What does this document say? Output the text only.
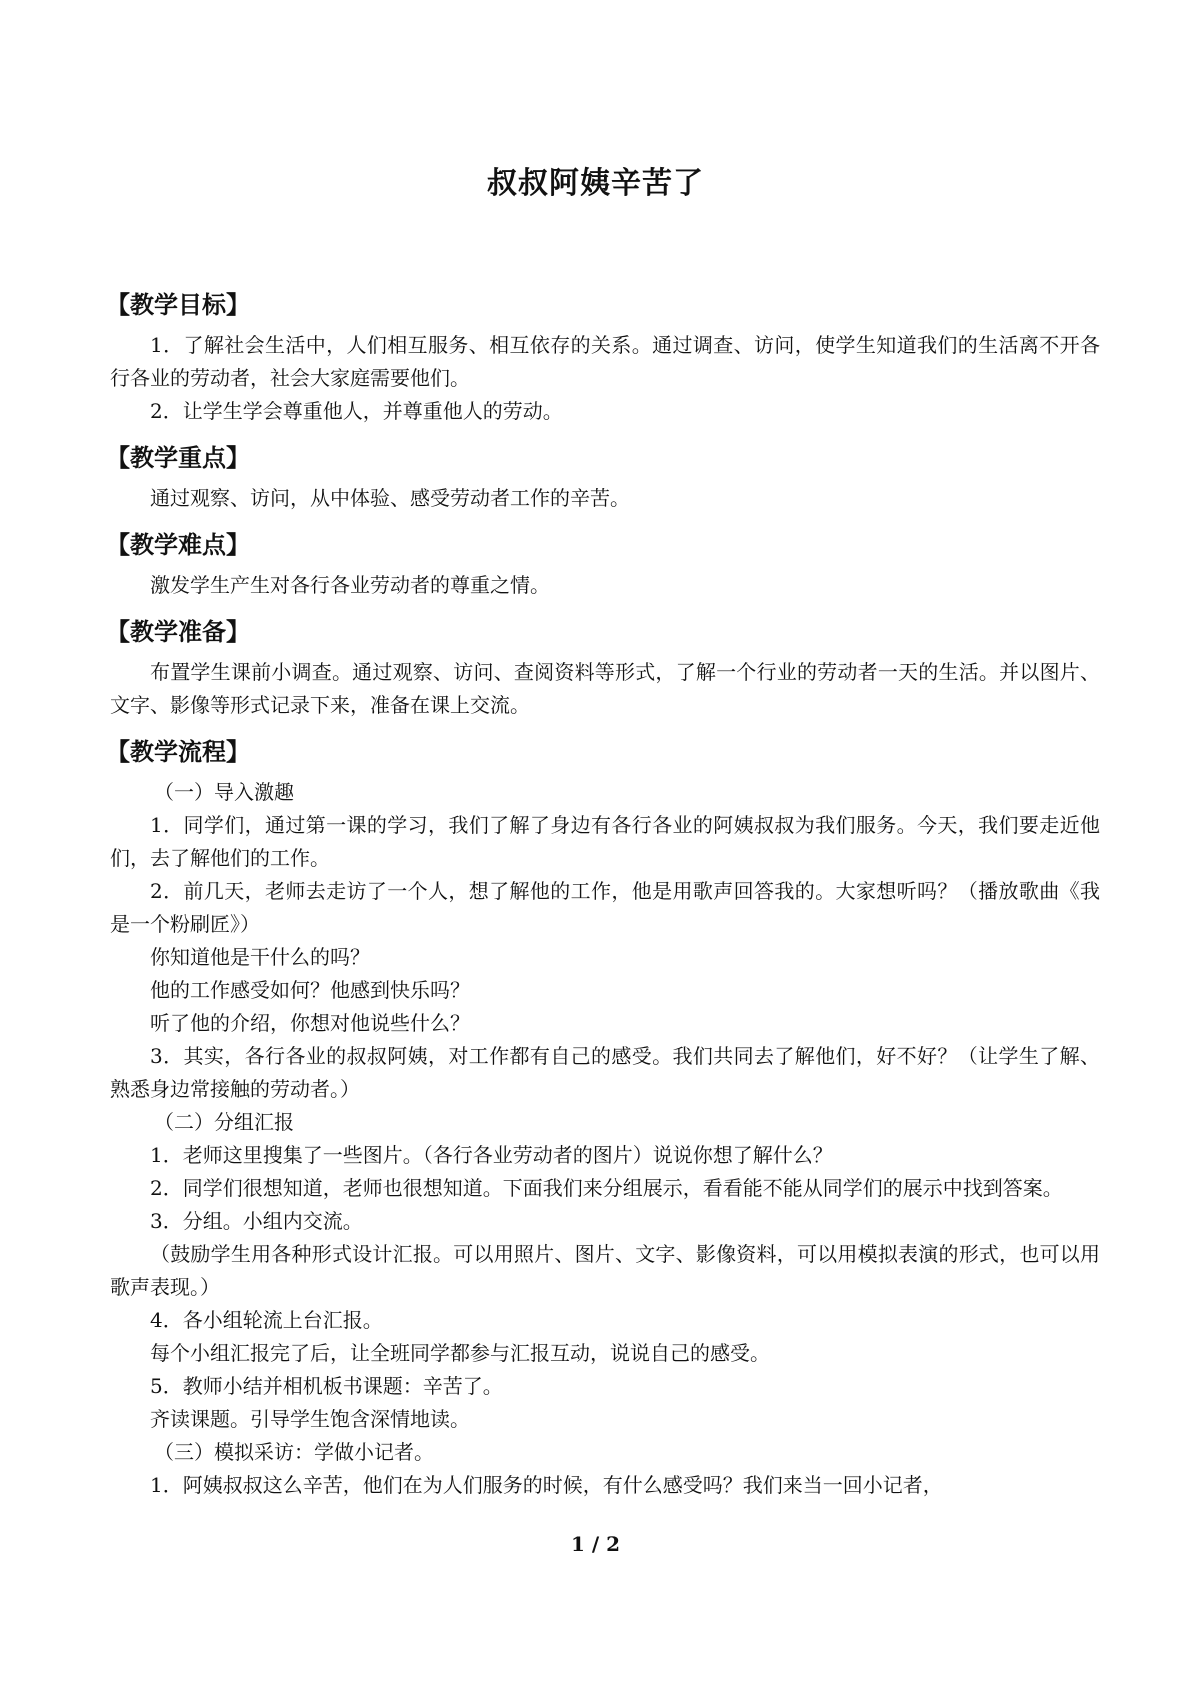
叔叔阿姨辛苦了
【教学目标】

1．了解社会生活中，人们相互服务、相互依存的关系。通过调查、访问，使学生知道我们的生活离不开各行各业的劳动者，社会大家庭需要他们。

2．让学生学会尊重他人，并尊重他人的劳动。

【教学重点】

通过观察、访问，从中体验、感受劳动者工作的辛苦。

【教学难点】

激发学生产生对各行各业劳动者的尊重之情。

【教学准备】

布置学生课前小调查。通过观察、访问、查阅资料等形式，了解一个行业的劳动者一天的生活。并以图片、文字、影像等形式记录下来，准备在课上交流。

【教学流程】

（一）导入激趣

1．同学们，通过第一课的学习，我们了解了身边有各行各业的阿姨叔叔为我们服务。今天，我们要走近他们，去了解他们的工作。

2．前几天，老师去走访了一个人，想了解他的工作，他是用歌声回答我的。大家想听吗？（播放歌曲《我是一个粉刷匠》）

你知道他是干什么的吗？

他的工作感受如何？他感到快乐吗？

听了他的介绍，你想对他说些什么？

3．其实，各行各业的叔叔阿姨，对工作都有自己的感受。我们共同去了解他们，好不好？（让学生了解、熟悉身边常接触的劳动者。）

（二）分组汇报

1．老师这里搜集了一些图片。（各行各业劳动者的图片）说说你想了解什么？

2．同学们很想知道，老师也很想知道。下面我们来分组展示，看看能不能从同学们的展示中找到答案。

3．分组。小组内交流。

（鼓励学生用各种形式设计汇报。可以用照片、图片、文字、影像资料，可以用模拟表演的形式，也可以用歌声表现。）

4．各小组轮流上台汇报。

每个小组汇报完了后，让全班同学都参与汇报互动，说说自己的感受。

5．教师小结并相机板书课题：辛苦了。

齐读课题。引导学生饱含深情地读。

（三）模拟采访：学做小记者。

1．阿姨叔叔这么辛苦，他们在为人们服务的时候，有什么感受吗？我们来当一回小记者，

1 / 2
